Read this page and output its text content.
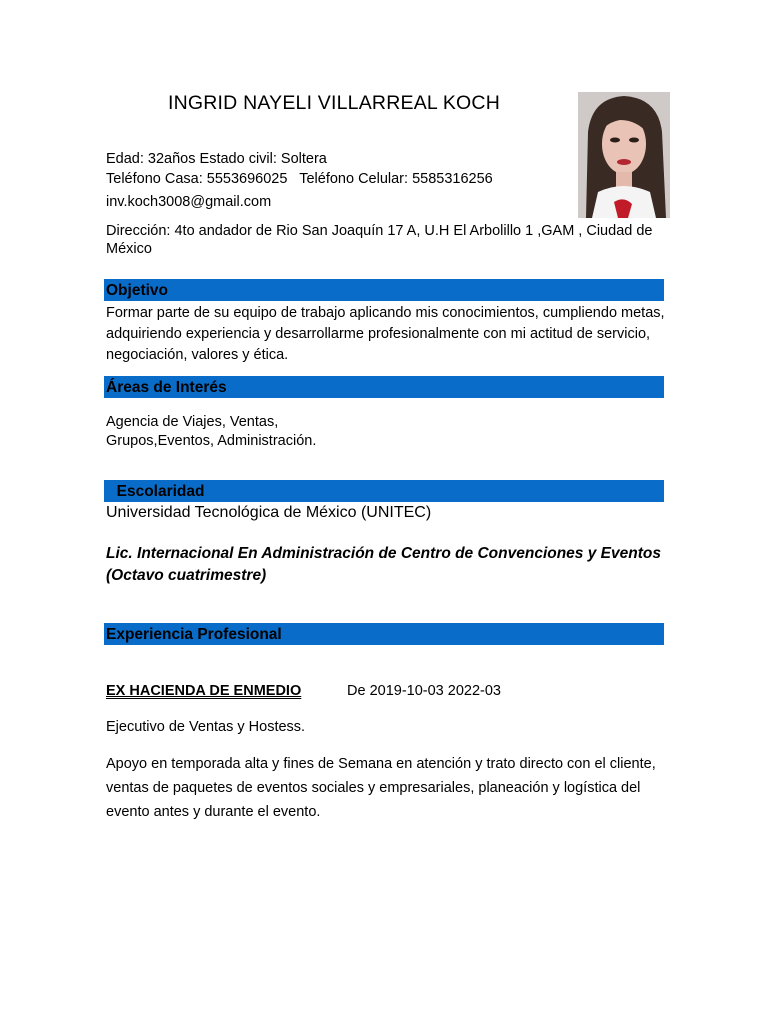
INGRID NAYELI VILLARREAL KOCH
Edad: 32años Estado civil: Soltera
Teléfono Casa: 5553696025   Teléfono Celular: 5585316256
inv.koch3008@gmail.com
Dirección: 4to andador de Rio San Joaquín 17 A, U.H El Arbolillo 1 ,GAM , Ciudad de México
Objetivo
Formar parte de su equipo de trabajo aplicando mis conocimientos, cumpliendo metas, adquiriendo experiencia y desarrollarme profesionalmente con mi actitud de servicio, negociación, valores y ética.
Áreas de Interés
Agencia de Viajes, Ventas,
Grupos,Eventos, Administración.
Escolaridad
Universidad Tecnológica de México (UNITEC)
Lic. Internacional En Administración de Centro de Convenciones y Eventos (Octavo cuatrimestre)
Experiencia Profesional
EX HACIENDA DE ENMEDIO	De 2019-10-03 2022-03
Ejecutivo de Ventas y Hostess.
Apoyo en temporada alta y fines de Semana en atención y trato directo con el cliente, ventas de paquetes de eventos sociales y empresariales, planeación y logística del evento antes y durante el evento.
